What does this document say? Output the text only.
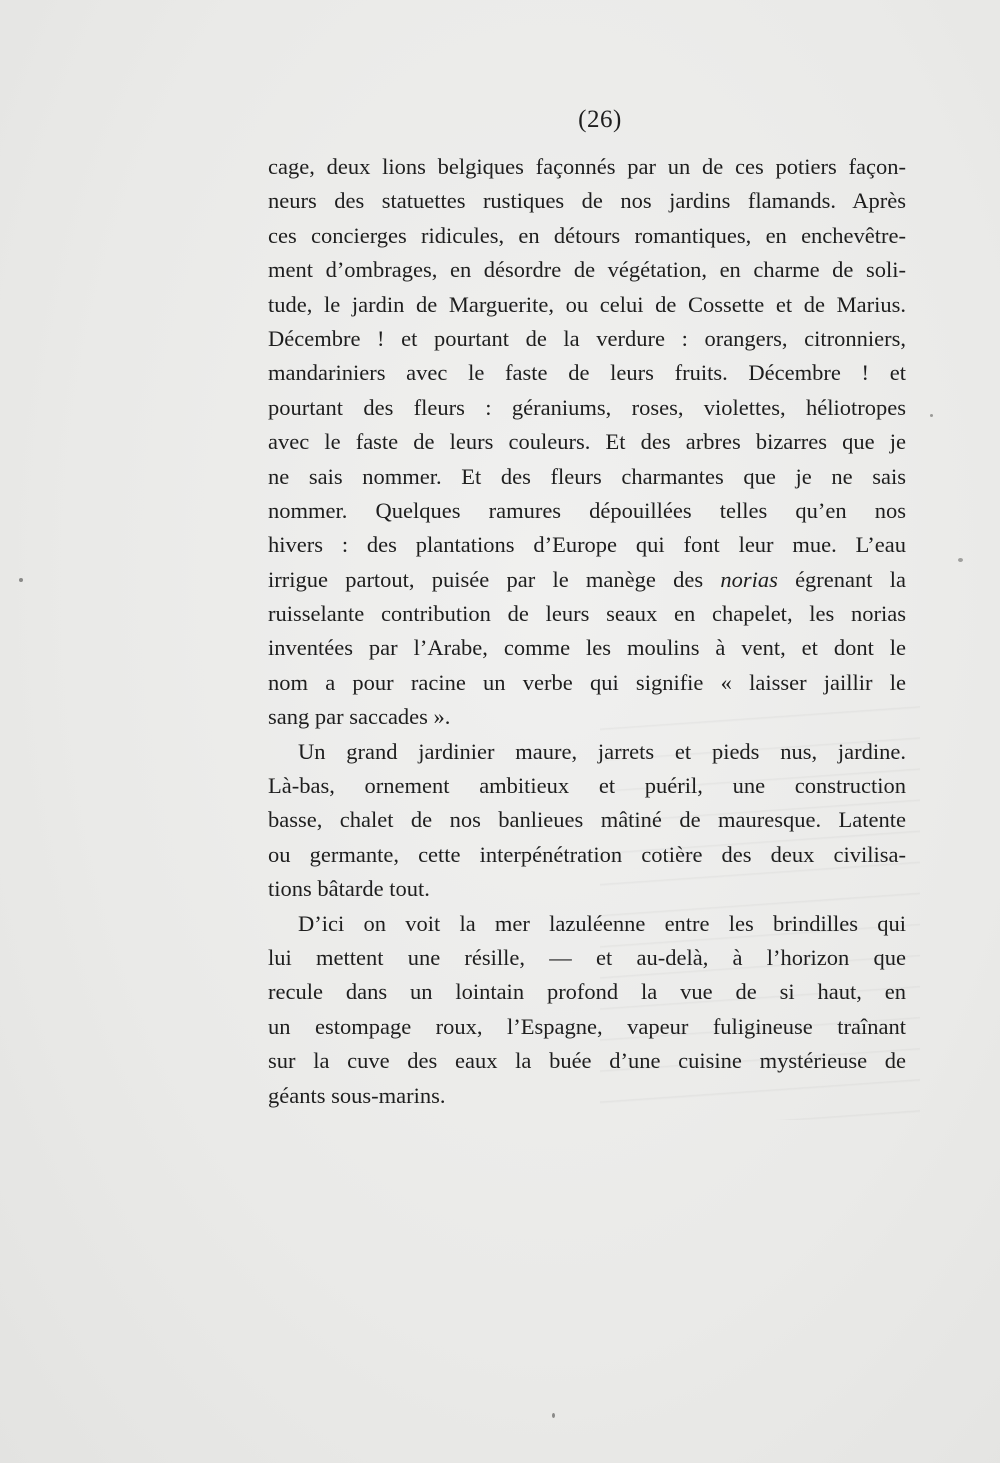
(26)
cage, deux lions belgiques façonnés par un de ces potiers façon-
neurs des statuettes rustiques de nos jardins flamands. Après
ces concierges ridicules, en détours romantiques, en enchevêtre-
ment d’ombrages, en désordre de végétation, en charme de soli-
tude, le jardin de Marguerite, ou celui de Cossette et de Marius.
Décembre ! et pourtant de la verdure : orangers, citronniers,
mandariniers avec le faste de leurs fruits. Décembre ! et
pourtant des fleurs : géraniums, roses, violettes, héliotropes
avec le faste de leurs couleurs. Et des arbres bizarres que je
ne sais nommer. Et des fleurs charmantes que je ne sais
nommer. Quelques ramures dépouillées telles qu’en nos
hivers : des plantations d’Europe qui font leur mue. L’eau
irrigue partout, puisée par le manège des norias égrenant la
ruisselante contribution de leurs seaux en chapelet, les norias
inventées par l’Arabe, comme les moulins à vent, et dont le
nom a pour racine un verbe qui signifie « laisser jaillir le
sang par saccades ».
Un grand jardinier maure, jarrets et pieds nus, jardine.
Là-bas, ornement ambitieux et puéril, une construction
basse, chalet de nos banlieues mâtiné de mauresque. Latente
ou germante, cette interpénétration cotière des deux civilisa-
tions bâtarde tout.
D’ici on voit la mer lazuléenne entre les brindilles qui
lui mettent une résille, — et au-delà, à l’horizon que
recule dans un lointain profond la vue de si haut, en
un estompage roux, l’Espagne, vapeur fuligineuse traînant
sur la cuve des eaux la buée d’une cuisine mystérieuse de
géants sous-marins.
